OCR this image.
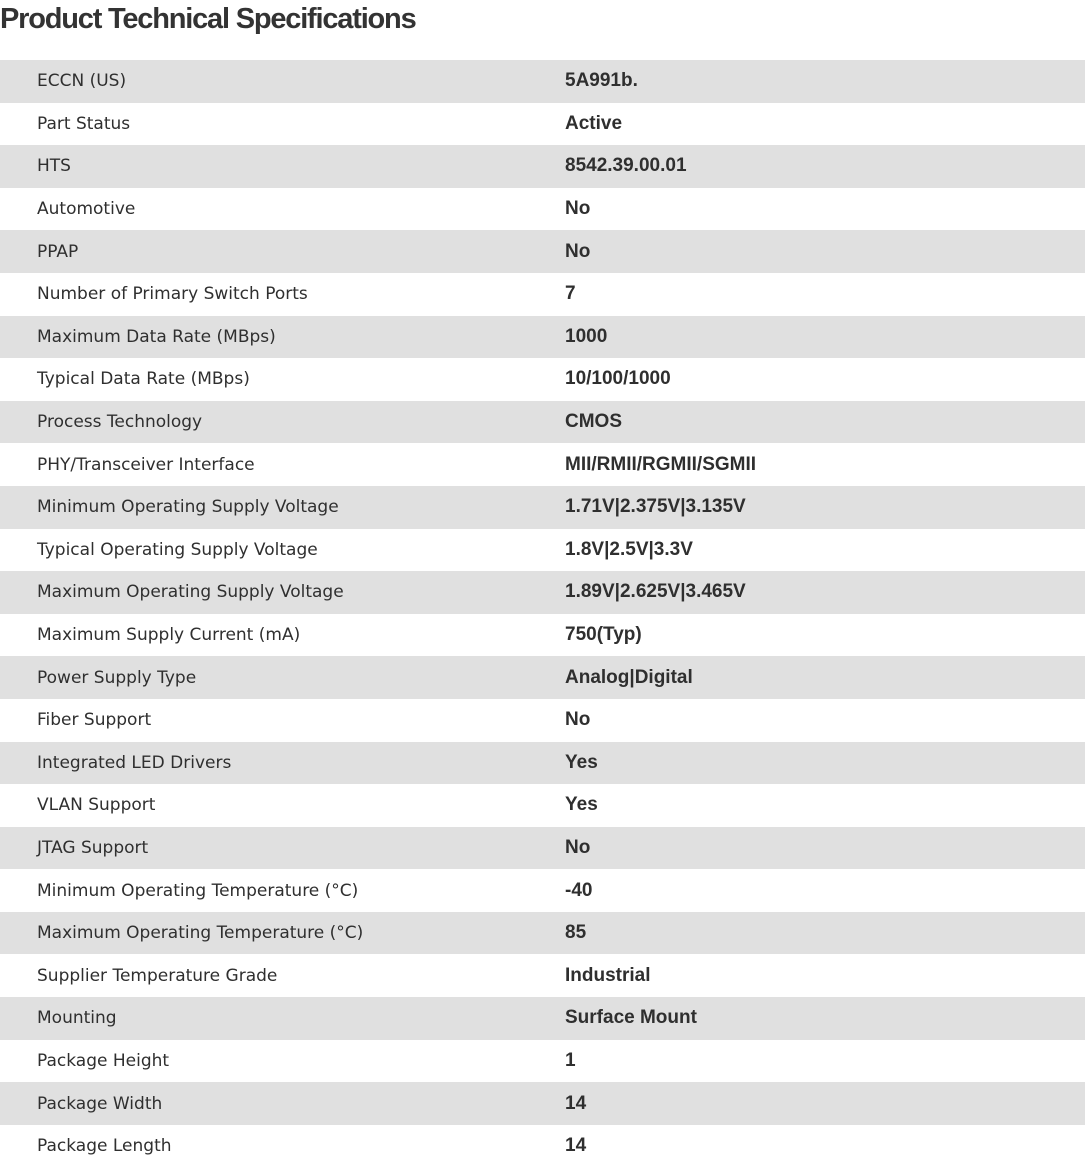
Product Technical Specifications
ECCN (US)	5A991b.
Part Status	Active
HTS	8542.39.00.01
Automotive	No
PPAP	No
Number of Primary Switch Ports	7
Maximum Data Rate (MBps)	1000
Typical Data Rate (MBps)	10/100/1000
Process Technology	CMOS
PHY/Transceiver Interface	MII/RMII/RGMII/SGMII
Minimum Operating Supply Voltage	1.71V|2.375V|3.135V
Typical Operating Supply Voltage	1.8V|2.5V|3.3V
Maximum Operating Supply Voltage	1.89V|2.625V|3.465V
Maximum Supply Current (mA)	750(Typ)
Power Supply Type	Analog|Digital
Fiber Support	No
Integrated LED Drivers	Yes
VLAN Support	Yes
JTAG Support	No
Minimum Operating Temperature (°C)	-40
Maximum Operating Temperature (°C)	85
Supplier Temperature Grade	Industrial
Mounting	Surface Mount
Package Height	1
Package Width	14
Package Length	14
